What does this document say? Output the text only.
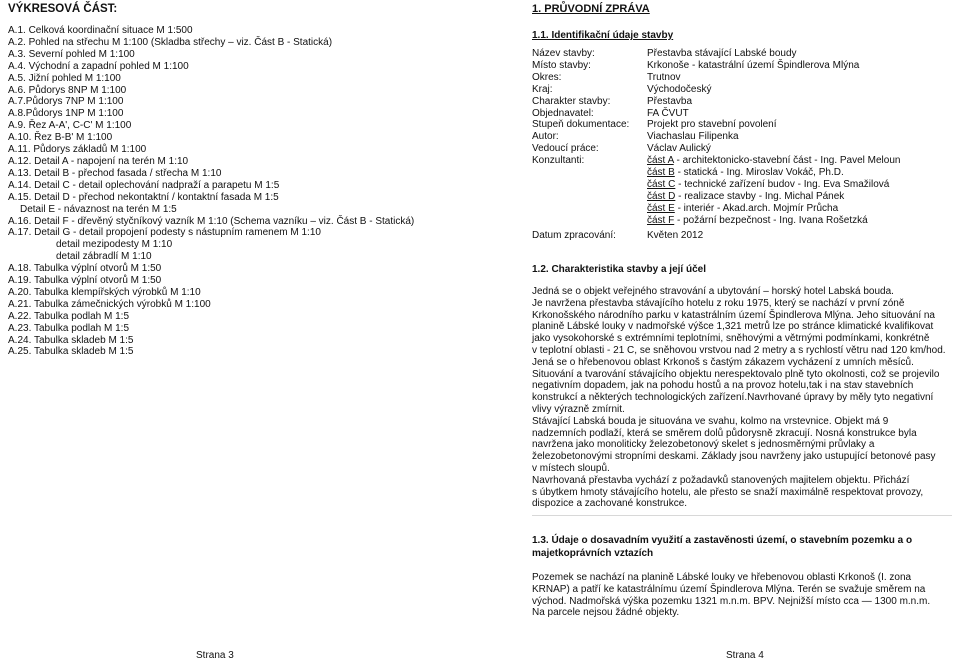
VÝKRESOVÁ ČÁST:
A.1. Celková koordinační situace M 1:500
A.2. Pohled na střechu M 1:100 (Skladba střechy – viz. Část B - Statická)
A.3. Severní pohled M 1:100
A.4. Východní a zapadní pohled M 1:100
A.5. Jižní pohled M 1:100
A.6. Půdorys 8NP M 1:100
A.7.Půdorys 7NP M 1:100
A.8.Půdorys 1NP M 1:100
A.9. Řez A-A', C-C' M 1:100
A.10. Řez B-B' M 1:100
A.11. Půdorys základů M 1:100
A.12. Detail A - napojení na terén M 1:10
A.13. Detail B - přechod fasada / střecha M 1:10
A.14. Detail C - detail oplechování nadpraží a parapetu M 1:5
A.15. Detail D - přechod nekontaktní / kontaktní fasada M 1:5
Detail E - návaznost na terén M 1:5
A.16. Detail F - dřevěný styčníkový vazník M 1:10 (Schema vazníku – viz. Část B - Statická)
A.17. Detail G - detail propojení podesty s nástupním ramenem M 1:10
detail mezipodesty M 1:10
detail zábradlí M 1:10
A.18. Tabulka výplní otvorů M 1:50
A.19. Tabulka výplní otvorů M 1:50
A.20. Tabulka klempířských výrobků M 1:10
A.21. Tabulka zámečnických výrobků M 1:100
A.22. Tabulka podlah M 1:5
A.23. Tabulka podlah M 1:5
A.24. Tabulka skladeb M 1:5
A.25. Tabulka skladeb M 1:5
Strana 3
1. PRŮVODNÍ ZPRÁVA
1.1. Identifikační údaje stavby
Název stavby:	Přestavba stávající Labské boudy
Místo stavby:	Krkonoše - katastrální území Špindlerova Mlýna
Okres:	Trutnov
Kraj:	Východočeský
Charakter stavby:	Přestavba
Objednavatel:	FA ČVUT
Stupeň dokumentace:	Projekt pro stavební povolení
Autor:	Viachaslau Filipenka
Vedoucí práce:	Václav Aulický
Konzultanti:	část A - architektonicko-stavební část - Ing. Pavel Meloun
část B - statická - Ing. Miroslav Vokáč, Ph.D.
část C - technické zařízení budov - Ing. Eva Smažilová
část D - realizace stavby - Ing. Michal Pánek
část E - interiér - Akad.arch. Mojmír Průcha
část F - požární bezpečnost - Ing. Ivana Rošetzká
Datum zpracování:	Květen 2012
1.2. Charakteristika stavby a její účel
Jedná se o objekt veřejného stravování a ubytování – horský hotel Labská bouda.
Je navržena přestavba stávajícího hotelu z roku 1975, který se nachází v první zóně
Krkonošského národního parku v katastrálním území Špindlerova Mlýna. Jeho situování na
planině Lábské louky v nadmořské výšce 1,321 metrů lze po stránce klimatické kvalifikovat
jako vysokohorské s extrémními teplotními, sněhovými a větrnými podmínkami, konkrétně
v teplotní oblasti - 21 C, se sněhovou vrstvou nad 2 metry a s rychlostí větru nad 120 km/hod.
Jená se o hřebenovou oblast Krkonoš s častým zákazem vycházení z umních měsíců.
Situování a tvarování stávajícího objektu nerespektovalo plně tyto okolnosti, což se projevilo
negativním dopadem, jak na pohodu hostů a na provoz hotelu,tak i na stav stavebních
konstrukcí a některých technologických zařízení.Navrhované úpravy by měly tyto negativní
vlivy výrazně zmírnit.
Stávající Labská bouda je situována ve svahu, kolmo na vrstevnice. Objekt má 9
nadzemních podlaží, která se směrem dolů půdorysně zkracují. Nosná konstrukce byla
navržena jako monoliticky železobetonový skelet s jednosměrnými průvlaky a
železobetonovými stropními deskami. Základy jsou navrženy jako ustupující betonové pasy
v místech sloupů.
Navrhovaná přestavba vychází z požadavků stanovených majitelem objektu. Přichází
s úbytkem hmoty stávajícího hotelu, ale přesto se snaží maximálně respektovat provozy,
dispozice a zachované konstrukce.
1.3. Údaje o dosavadním využití a zastavěnosti území, o stavebním pozemku a o majetkoprávních vztazích
Pozemek se nachází na planině Lábské louky ve hřebenovou oblasti Krkonoš (I. zona
KRNAP) a patří ke katastrálnímu území Špindlerova Mlýna. Terén se svažuje směrem na
východ. Nadmořská výška pozemku 1321 m.n.m. BPV. Nejnižší místo cca — 1300 m.n.m.
Na parcele nejsou žádné objekty.
Strana 4
